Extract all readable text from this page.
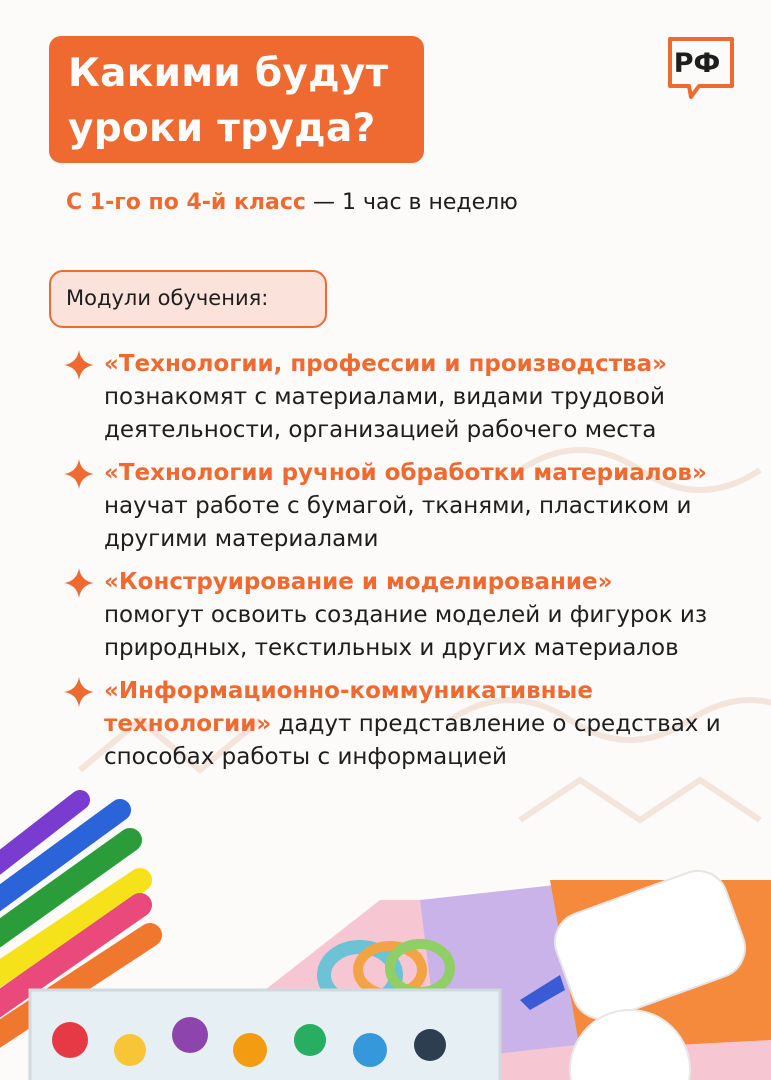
Какими будут
уроки труда?
РФ
С 1-го по 4-й класс — 1 час в неделю
Модули обучения:
«Технологии, профессии и производства»
познакомят с материалами, видами трудовой деятельности, организацией рабочего места
«Технологии ручной обработки материалов» научат работе с бумагой, тканями, пластиком и другими материалами
«Конструирование и моделирование»
помогут освоить создание моделей и фигурок из природных, текстильных и других материалов
«Информационно-коммуникативные технологии» дадут представление о средствах и способах работы с информацией
